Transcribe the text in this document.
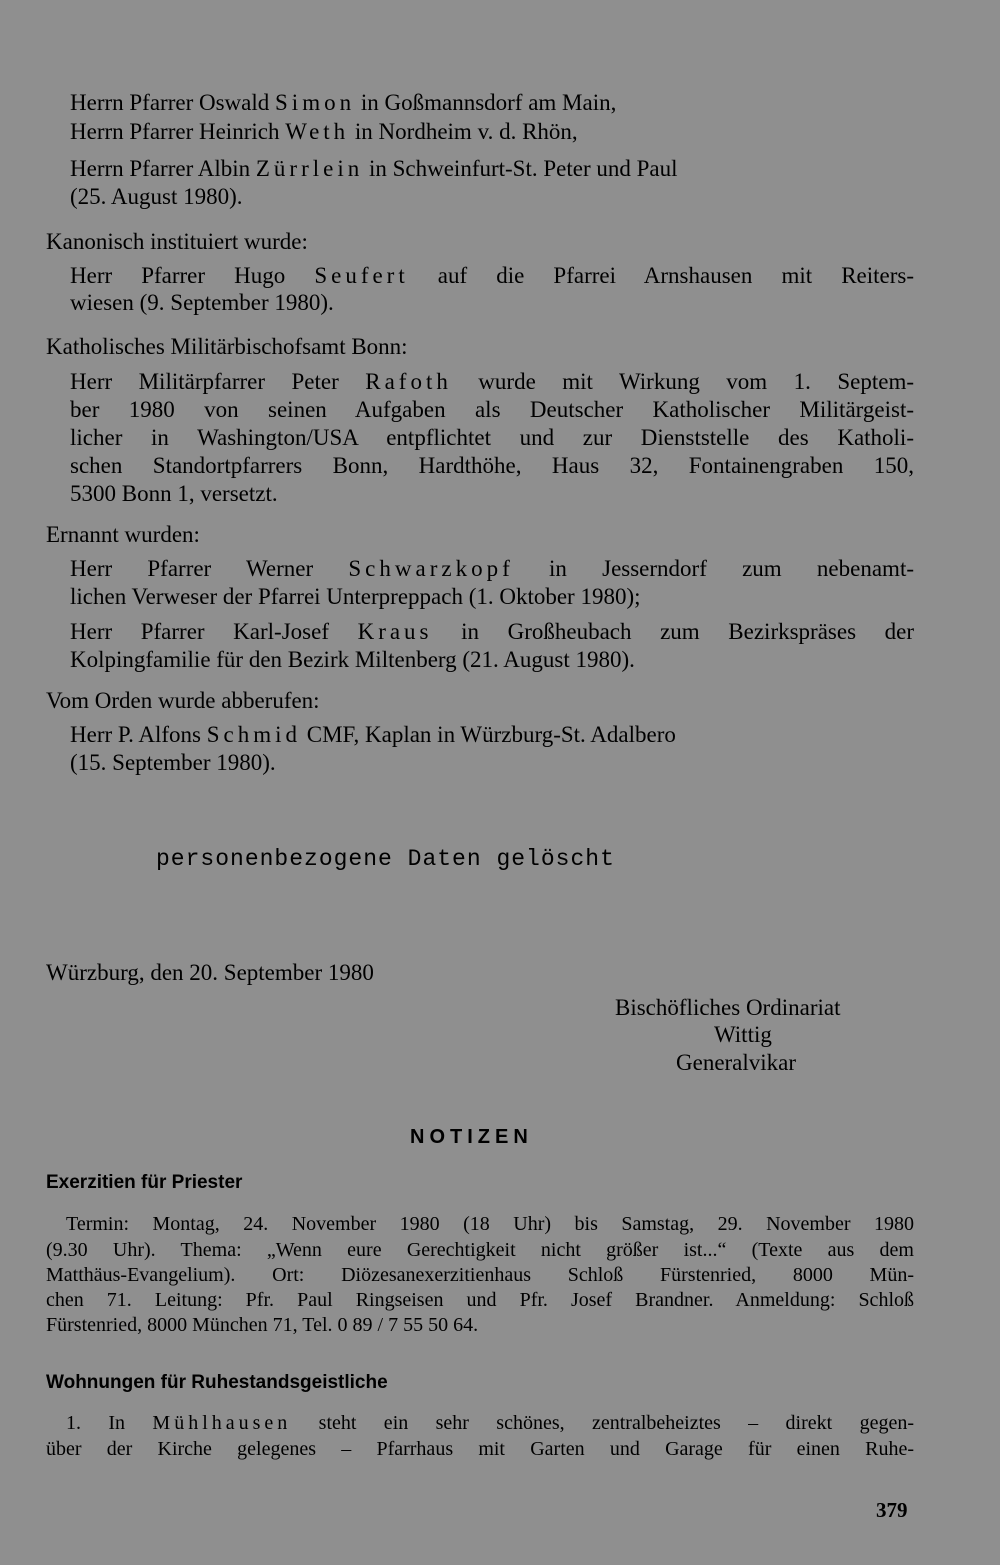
Herrn Pfarrer Oswald Simon in Goßmannsdorf am Main,
Herrn Pfarrer Heinrich Weth in Nordheim v. d. Rhön,
Herrn Pfarrer Albin Zürrlein in Schweinfurt-St. Peter und Paul
(25. August 1980).
Kanonisch instituiert wurde:
Herr Pfarrer Hugo Seufert auf die Pfarrei Arnshausen mit Reiters-
wiesen (9. September 1980).
Katholisches Militärbischofsamt Bonn:
Herr Militärpfarrer Peter Rafoth wurde mit Wirkung vom 1. Septem-
ber 1980 von seinen Aufgaben als Deutscher Katholischer Militärgeist-
licher in Washington/USA entpflichtet und zur Dienststelle des Katholi-
schen Standortpfarrers Bonn, Hardthöhe, Haus 32, Fontainengraben 150,
5300 Bonn 1, versetzt.
Ernannt wurden:
Herr Pfarrer Werner Schwarzkopf in Jesserndorf zum nebenamt-
lichen Verweser der Pfarrei Unterpreppach (1. Oktober 1980);
Herr Pfarrer Karl-Josef Kraus in Großheubach zum Bezirkspräses der
Kolpingfamilie für den Bezirk Miltenberg (21. August 1980).
Vom Orden wurde abberufen:
Herr P. Alfons Schmid CMF, Kaplan in Würzburg-St. Adalbero
(15. September 1980).
personenbezogene Daten gelöscht
Würzburg, den 20. September 1980
Bischöfliches Ordinariat
Wittig
Generalvikar
NOTIZEN
Exerzitien für Priester
Termin: Montag, 24. November 1980 (18 Uhr) bis Samstag, 29. November 1980
(9.30 Uhr). Thema: „Wenn eure Gerechtigkeit nicht größer ist...“ (Texte aus dem
Matthäus-Evangelium). Ort: Diözesanexerzitienhaus Schloß Fürstenried, 8000 Mün-
chen 71. Leitung: Pfr. Paul Ringseisen und Pfr. Josef Brandner. Anmeldung: Schloß
Fürstenried, 8000 München 71, Tel. 0 89 / 7 55 50 64.
Wohnungen für Ruhestandsgeistliche
1. In Mühlhausen steht ein sehr schönes, zentralbeheiztes – direkt gegen-
über der Kirche gelegenes – Pfarrhaus mit Garten und Garage für einen Ruhe-
379
